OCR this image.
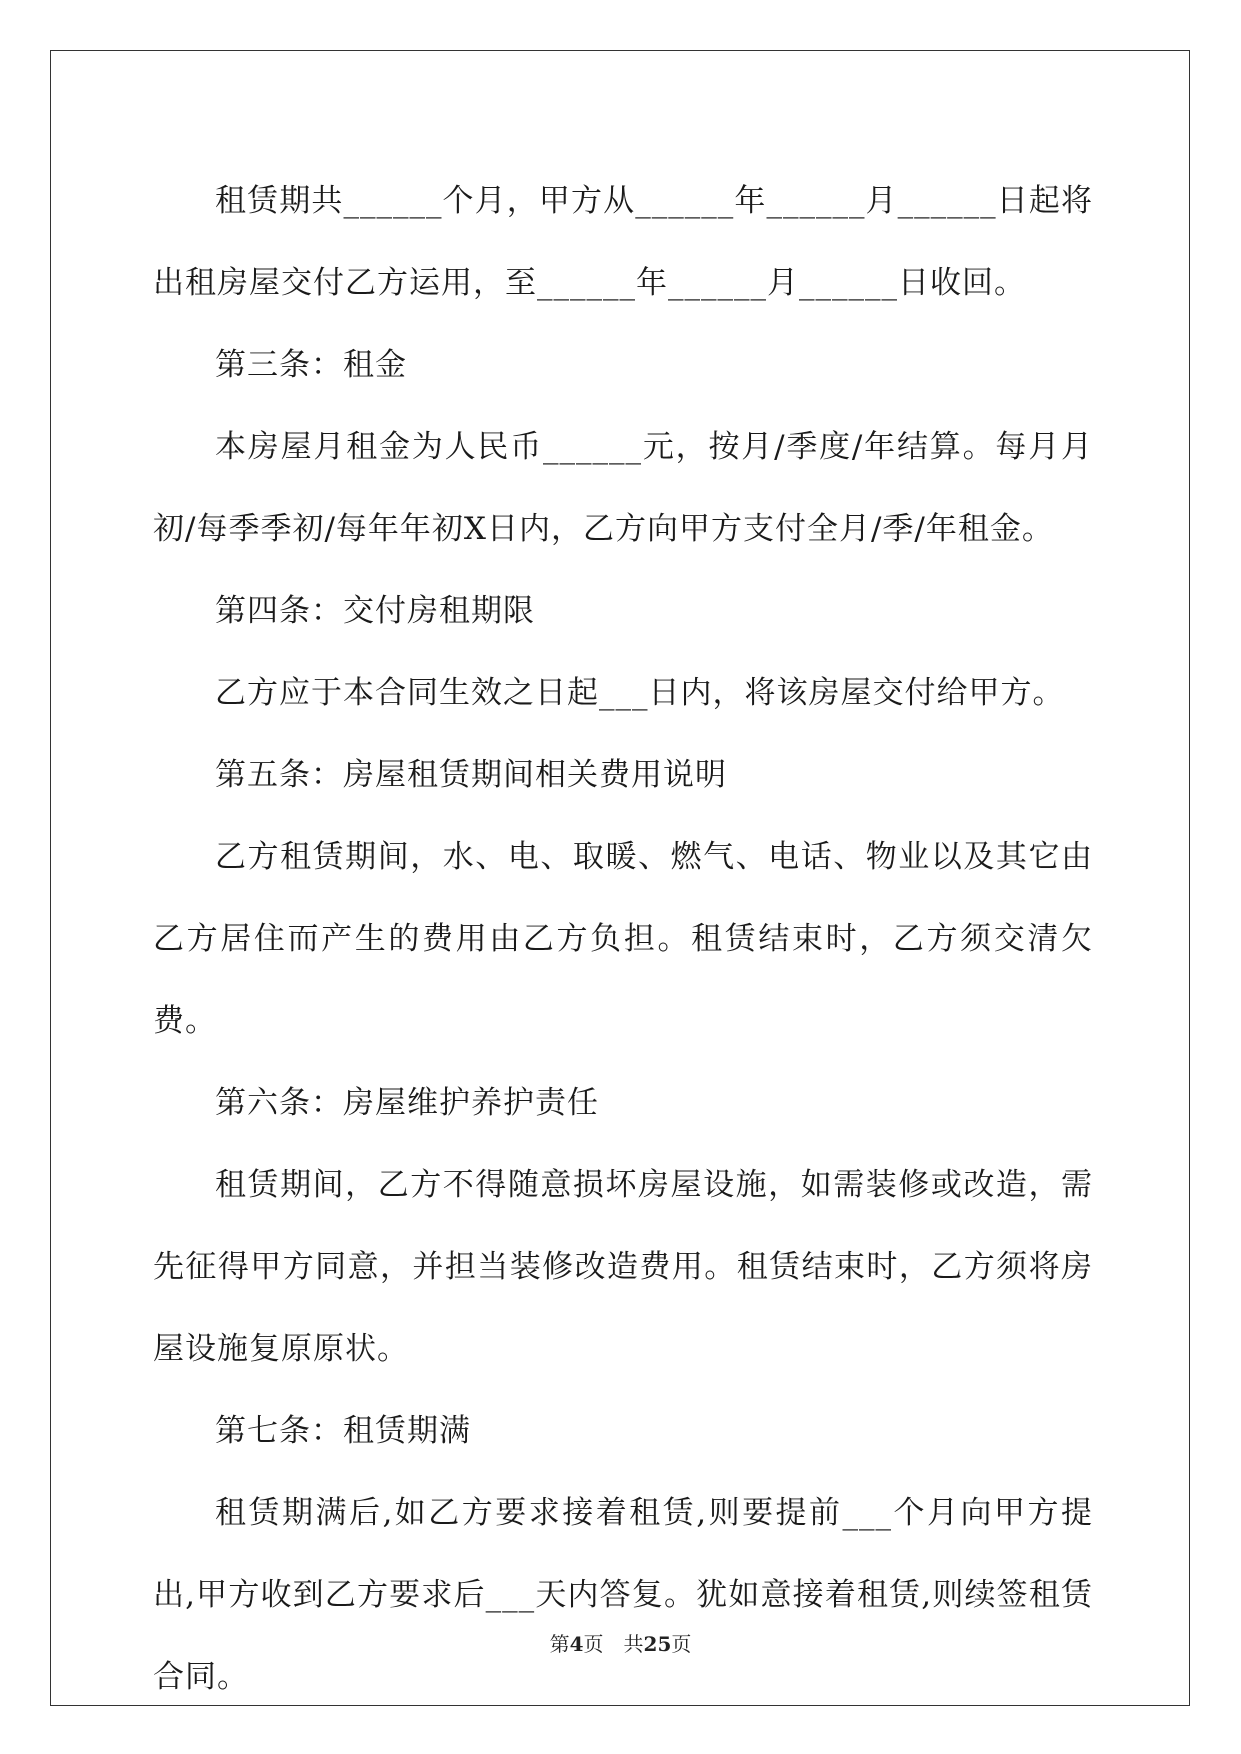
租赁期共______个月，甲方从______年______月______日起将出租房屋交付乙方运用，至______年______月______日收回。

第三条：租金

本房屋月租金为人民币______元，按月/季度/年结算。每月月初/每季季初/每年年初X日内，乙方向甲方支付全月/季/年租金。

第四条：交付房租期限

乙方应于本合同生效之日起___日内，将该房屋交付给甲方。

第五条：房屋租赁期间相关费用说明

乙方租赁期间，水、电、取暖、燃气、电话、物业以及其它由乙方居住而产生的费用由乙方负担。租赁结束时，乙方须交清欠费。

第六条：房屋维护养护责任

租赁期间，乙方不得随意损坏房屋设施，如需装修或改造，需先征得甲方同意，并担当装修改造费用。租赁结束时，乙方须将房屋设施复原原状。

第七条：租赁期满

租赁期满后,如乙方要求接着租赁,则要提前___个月向甲方提出,甲方收到乙方要求后___天内答复。犹如意接着租赁,则续签租赁合同。

第4页　共25页
